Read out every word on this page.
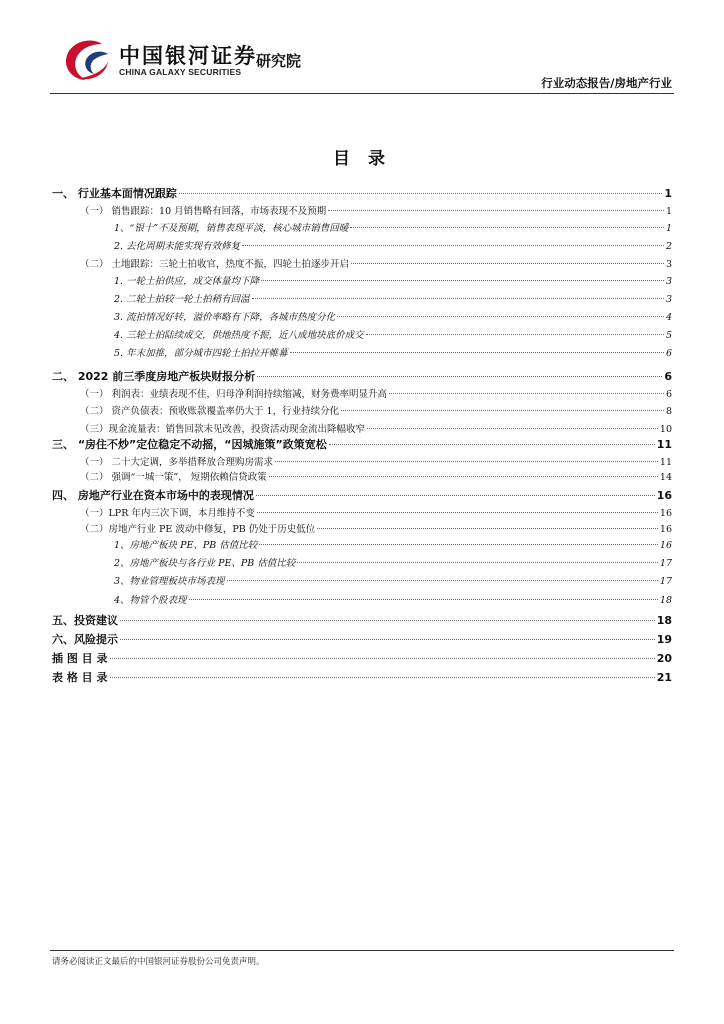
中国银河证券
CHINA GALAXY SECURITIES
研究院
行业动态报告/房地产行业
目 录
一、 行业基本面情况跟踪	1
（一） 销售跟踪：10 月销售略有回落，市场表现不及预期	1
1、“银十”不及预期，销售表现平淡，核心城市销售回暖	1
2. 去化周期未能实现有效修复	2
（二） 土地跟踪：三轮土拍收官，热度不振，四轮土拍逐步开启	3
1. 一轮土拍供应，成交体量均下降	3
2. 二轮土拍较一轮土拍稍有回温	3
3. 流拍情况好转，溢价率略有下降，各城市热度分化	4
4. 三轮土拍陆续成交，供地热度不振，近八成地块底价成交	5
5. 年末加推，部分城市四轮土拍拉开帷幕	6
二、 2022 前三季度房地产板块财报分析	6
（一） 利润表：业绩表现不佳，归母净利润持续缩减，财务费率明显升高	6
（二） 资产负债表：预收账款覆盖率仍大于 1，行业持续分化	8
（三）现金流量表：销售回款未见改善，投资活动现金流出降幅收窄	10
三、 “房住不炒”定位稳定不动摇，“因城施策”政策宽松	11
（一） 二十大定调，多举措释放合理购房需求	11
（二） 强调“一城一策”， 短期依赖信贷政策	14
四、 房地产行业在资本市场中的表现情况	16
（一）LPR 年内三次下调，本月维持不变	16
（二）房地产行业 PE 波动中修复，PB 仍处于历史低位	16
1、房地产板块 PE、PB 估值比较	16
2、房地产板块与各行业 PE、PB 估值比较	17
3、物业管理板块市场表现	17
4、物管个股表现	18
五、投资建议	18
六、风险提示	19
插 图 目 录	20
表 格 目 录	21
请务必阅读正文最后的中国银河证券股份公司免责声明。
